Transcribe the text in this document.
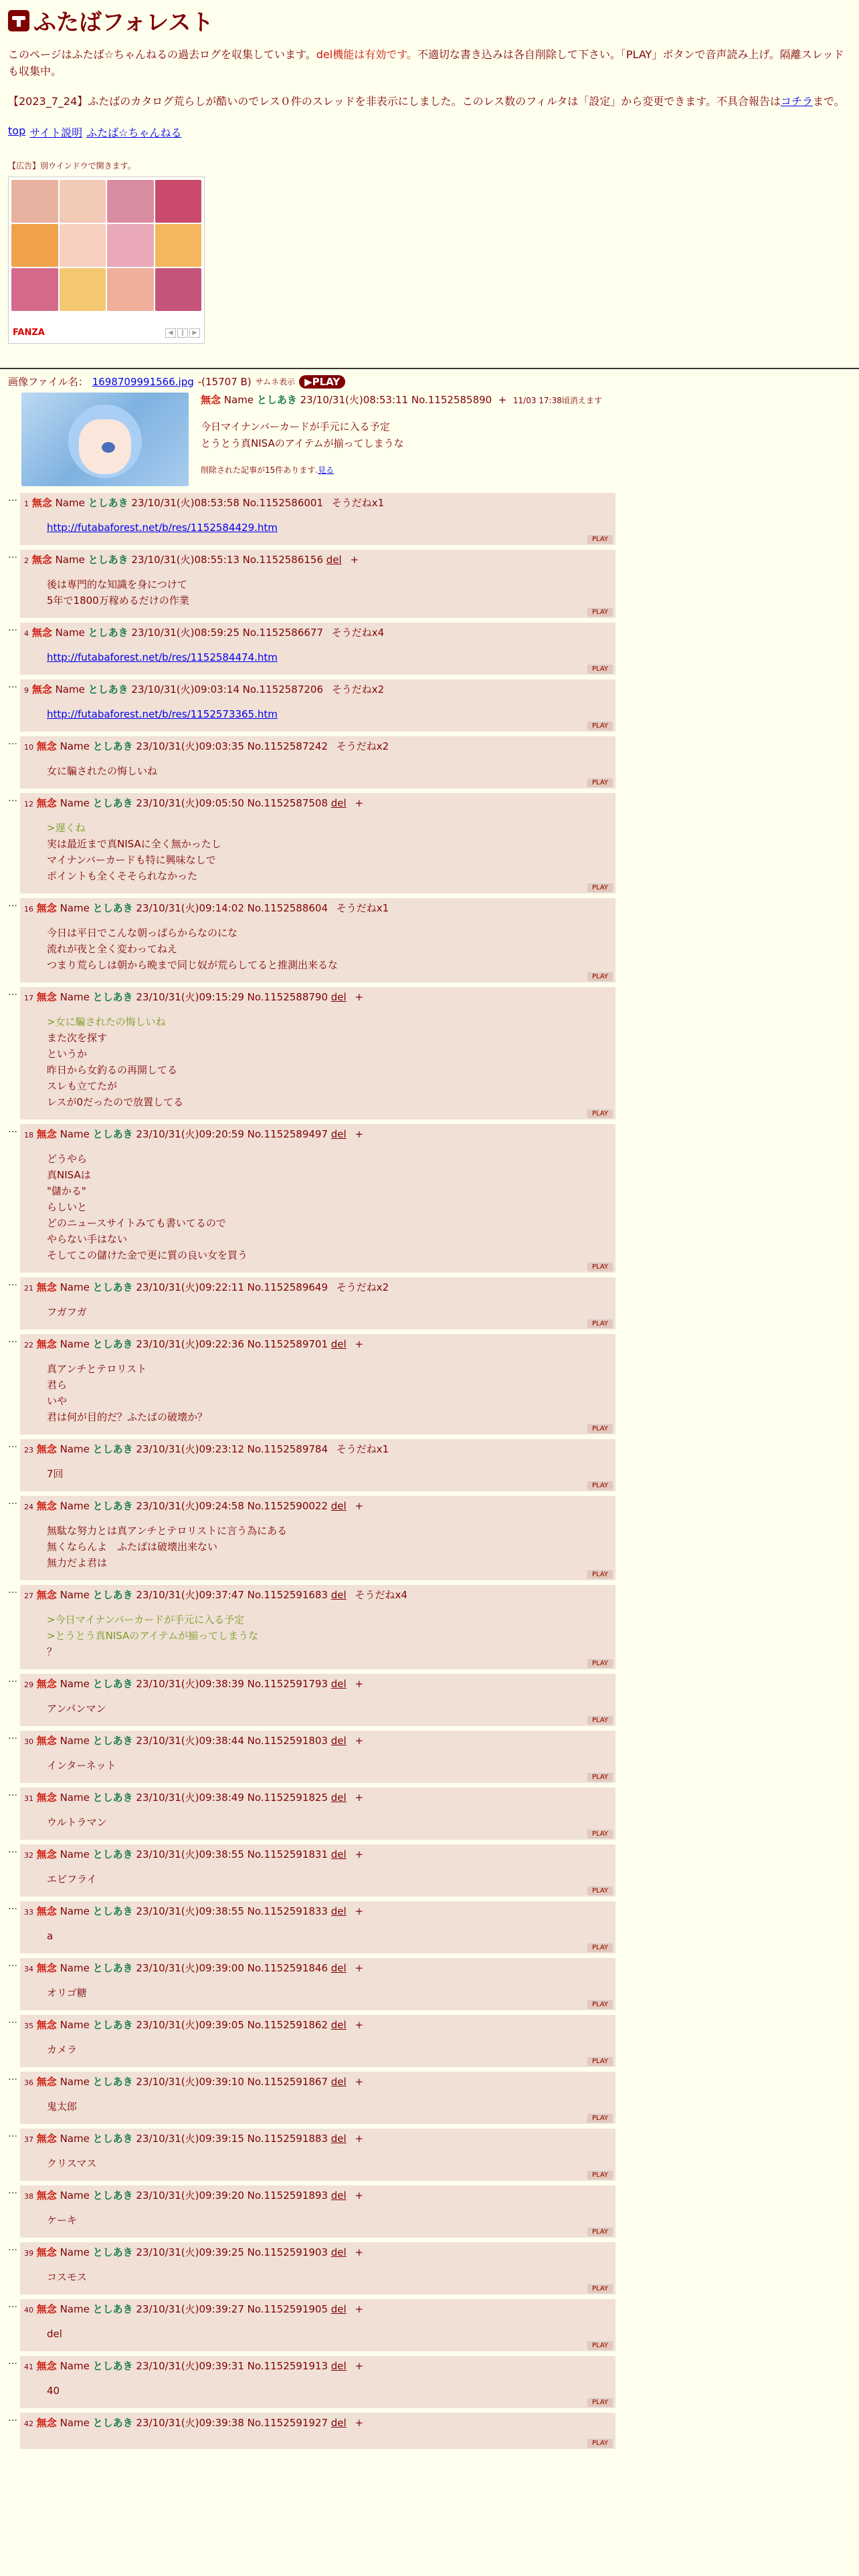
ふたばフォレスト
このページはふたば☆ちゃんねるの過去ログを収集しています。del機能は有効です。不適切な書き込みは各自削除して下さい。「PLAY」ボタンで音声読み上げ。隔離スレッドも収集中。
【2023_7_24】ふたばのカタログ荒らしが酷いのでレス０件のスレッドを非表示にしました。このレス数のフィルタは「設定」から変更できます。不具合報告はコチラまで。
top サイト説明 ふたば☆ちゃんねる
【広告】別ウインドウで開きます。
FANZA	◀	‖	▶
画像ファイル名： 1698709991566.jpg -(15707 B) サムネ表示 ▶PLAY
無念 Name としあき 23/10/31(火)08:53:11 No.1152585890 + 11/03 17:38頃消えます
今日マイナンバーカードが手元に入る予定
とうとう真NISAのアイテムが揃ってしまうな
削除された記事が15件あります.見る
…
1 無念 Name としあき 23/10/31(火)08:53:58 No.1152586001 そうだねx1
http://futabaforest.net/b/res/1152584429.htm
PLAY
…
2 無念 Name としあき 23/10/31(火)08:55:13 No.1152586156 del +
後は専門的な知識を身につけて
5年で1800万稼めるだけの作業
PLAY
…
4 無念 Name としあき 23/10/31(火)08:59:25 No.1152586677 そうだねx4
http://futabaforest.net/b/res/1152584474.htm
PLAY
…
9 無念 Name としあき 23/10/31(火)09:03:14 No.1152587206 そうだねx2
http://futabaforest.net/b/res/1152573365.htm
PLAY
…
10 無念 Name としあき 23/10/31(火)09:03:35 No.1152587242 そうだねx2
女に騙されたの悔しいね
PLAY
…
12 無念 Name としあき 23/10/31(火)09:05:50 No.1152587508 del +
>遅くね
実は最近まで真NISAに全く無かったし
マイナンバーカードも特に興味なしで
ポイントも全くそそられなかった
PLAY
…
16 無念 Name としあき 23/10/31(火)09:14:02 No.1152588604 そうだねx1
今日は平日でこんな朝っぱらからなのにな
流れが夜と全く変わってねえ
つまり荒らしは朝から晩まで同じ奴が荒らしてると推測出来るな
PLAY
…
17 無念 Name としあき 23/10/31(火)09:15:29 No.1152588790 del +
>女に騙されたの悔しいね
また次を探す
というか
昨日から女釣るの再開してる
スレも立てたが
レスが0だったので放置してる
PLAY
…
18 無念 Name としあき 23/10/31(火)09:20:59 No.1152589497 del +
どうやら
真NISAは
"儲かる"
らしいと
どのニュースサイトみても書いてるので
やらない手はない
そしてこの儲けた金で更に質の良い女を買う
PLAY
…
21 無念 Name としあき 23/10/31(火)09:22:11 No.1152589649 そうだねx2
フガフガ
PLAY
…
22 無念 Name としあき 23/10/31(火)09:22:36 No.1152589701 del +
真アンチとテロリスト
君ら
いや
君は何が目的だ？ふたばの破壊か？
PLAY
…
23 無念 Name としあき 23/10/31(火)09:23:12 No.1152589784 そうだねx1
7回
PLAY
…
24 無念 Name としあき 23/10/31(火)09:24:58 No.1152590022 del +
無駄な努力とは真アンチとテロリストに言う為にある
無くならんよ　ふたばは破壊出来ない
無力だよ君は
PLAY
…
27 無念 Name としあき 23/10/31(火)09:37:47 No.1152591683 del そうだねx4
>今日マイナンバーカードが手元に入る予定
>とうとう真NISAのアイテムが揃ってしまうな
？
PLAY
…
29 無念 Name としあき 23/10/31(火)09:38:39 No.1152591793 del +
アンパンマン
PLAY
…
30 無念 Name としあき 23/10/31(火)09:38:44 No.1152591803 del +
インターネット
PLAY
…
31 無念 Name としあき 23/10/31(火)09:38:49 No.1152591825 del +
ウルトラマン
PLAY
…
32 無念 Name としあき 23/10/31(火)09:38:55 No.1152591831 del +
エビフライ
PLAY
…
33 無念 Name としあき 23/10/31(火)09:38:55 No.1152591833 del +
a
PLAY
…
34 無念 Name としあき 23/10/31(火)09:39:00 No.1152591846 del +
オリゴ糖
PLAY
…
35 無念 Name としあき 23/10/31(火)09:39:05 No.1152591862 del +
カメラ
PLAY
…
36 無念 Name としあき 23/10/31(火)09:39:10 No.1152591867 del +
鬼太郎
PLAY
…
37 無念 Name としあき 23/10/31(火)09:39:15 No.1152591883 del +
クリスマス
PLAY
…
38 無念 Name としあき 23/10/31(火)09:39:20 No.1152591893 del +
ケーキ
PLAY
…
39 無念 Name としあき 23/10/31(火)09:39:25 No.1152591903 del +
コスモス
PLAY
…
40 無念 Name としあき 23/10/31(火)09:39:27 No.1152591905 del +
del
PLAY
…
41 無念 Name としあき 23/10/31(火)09:39:31 No.1152591913 del +
40
PLAY
…
42 無念 Name としあき 23/10/31(火)09:39:38 No.1152591927 del +
PLAY
